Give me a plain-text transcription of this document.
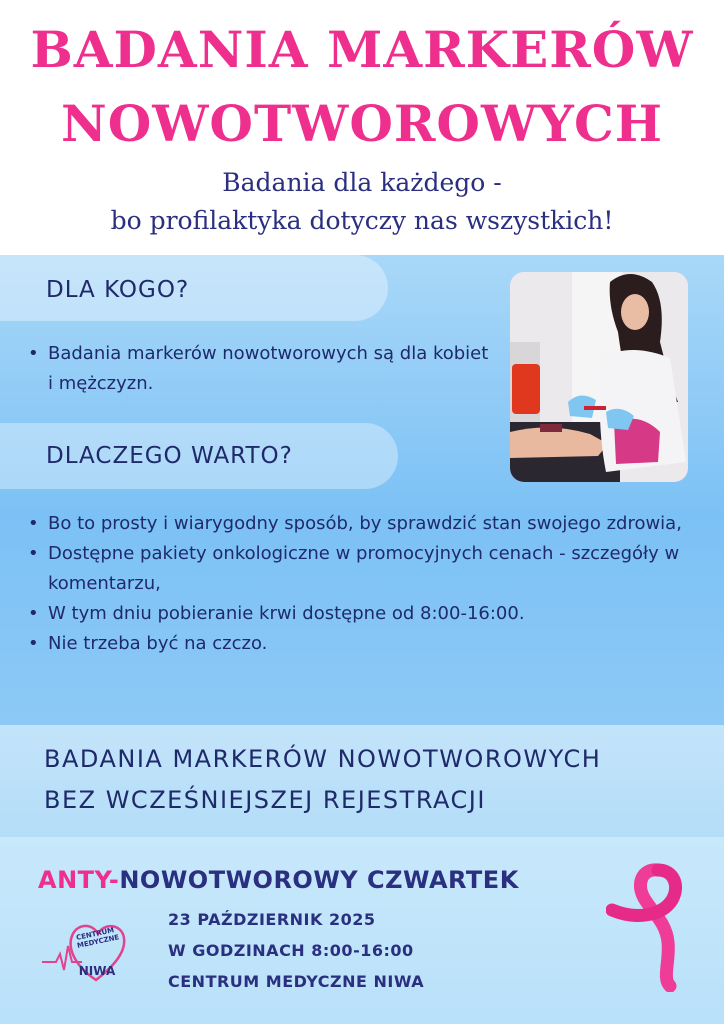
BADANIA MARKERÓW
NOWOTWOROWYCH
Badania dla każdego -
bo profilaktyka dotyczy nas wszystkich!
DLA KOGO?
• Badania markerów nowotworowych są dla kobiet i mężczyzn.
DLACZEGO WARTO?
• Bo to prosty i wiarygodny sposób, by sprawdzić stan swojego zdrowia,
• Dostępne pakiety onkologiczne w promocyjnych cenach - szczegóły w komentarzu,
• W tym dniu pobieranie krwi dostępne od 8:00-16:00.
• Nie trzeba być na czczo.
BADANIA MARKERÓW NOWOTWOROWYCH
BEZ WCZEŚNIEJSZEJ REJESTRACJI
ANTY-NOWOTWOROWY CZWARTEK
23 PAŹDZIERNIK 2025
W GODZINACH 8:00-16:00
CENTRUM MEDYCZNE NIWA
CENTRUM MEDYCZNE
NIWA
